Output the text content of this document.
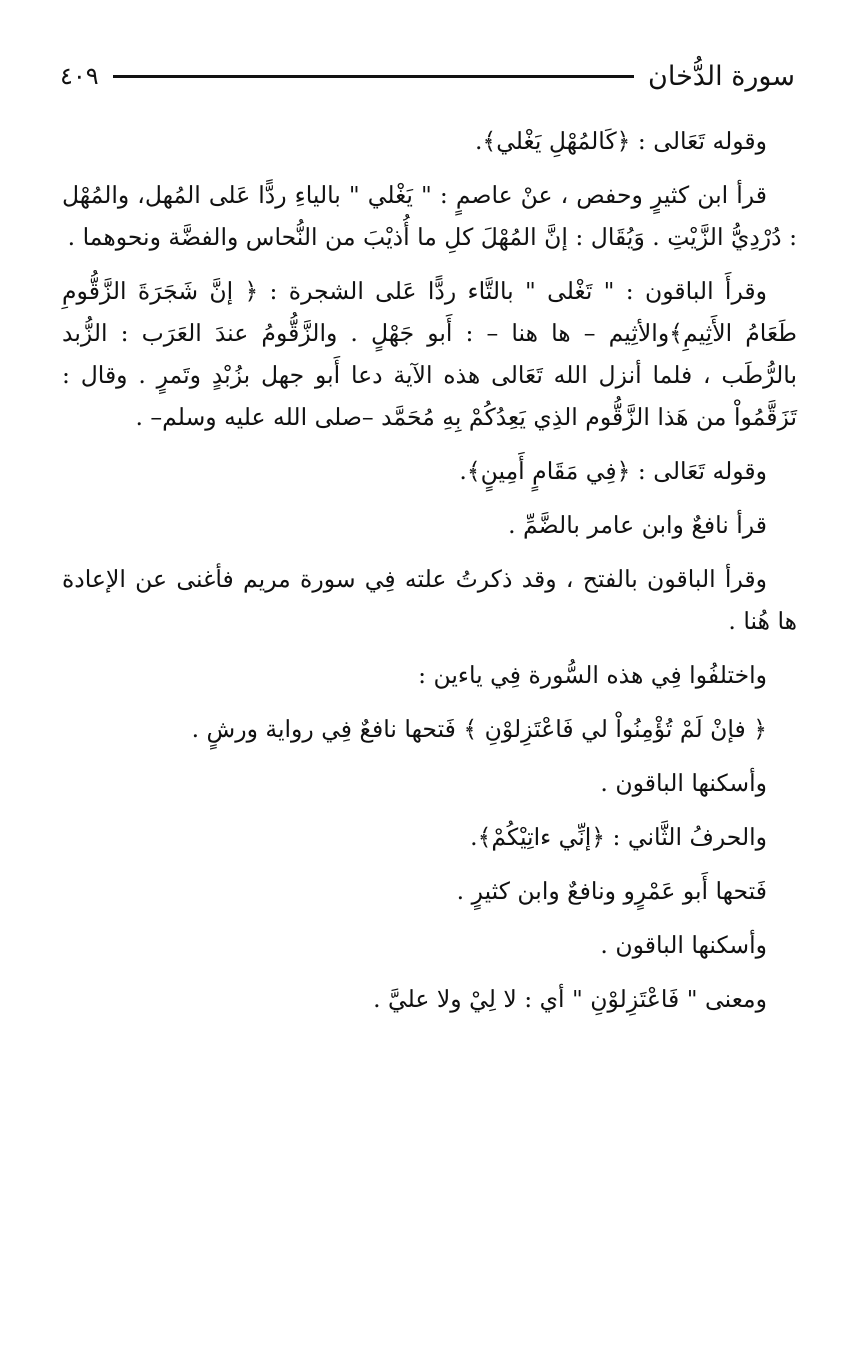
سورة الدُّخان
٤٠٩

وقوله تَعَالى : ﴿كَالمُهْلِ يَغْلي﴾.

قرأ ابن كثيرٍ وحفص ، عنْ عاصمٍ : " يَغْلي " بالياءِ ردًّا عَلى المُهل، والمُهْل : دُرْدِيُّ الزَّيْتِ . وَيُقَال : إنَّ المُهْلَ كلِ ما أُذيْبَ من النُّحاس والفضَّة ونحوهما .

وقرأَ الباقون : " تَغْلى " بالتَّاء ردًّا عَلى الشجرة : ﴿ إنَّ شَجَرَةَ الزَّقُّومِ طَعَامُ الأَثِيمِ﴾والأثِيم – ها هنا – : أَبو جَهْلٍ . والزَّقُّومُ عندَ العَرَب : الزُّبد بالرُّطَب ، فلما أنزل الله تَعَالى هذه الآية دعا أَبو جهل بزُبْدٍ وتَمرٍ . وقال : تَزَقَّمُواْ من هَذا الزَّقُّوم الذِي يَعِدُكُمْ بِهِ مُحَمَّد –صلى الله عليه وسلم– .

وقوله تَعَالى : ﴿فِي مَقَامٍ أَمِينٍ﴾.

قرأ نافعٌ وابن عامر بالضَّمِّ .

وقرأ الباقون بالفتح ، وقد ذكرتُ علته فِي سورة مريم فأغنى عن الإعادة ها هُنا .

واختلفُوا فِي هذه السُّورة فِي ياءين :

﴿ فإنْ لَمْ تُؤْمِنُواْ لي فَاعْتَزِلوْنِ ﴾ فَتحها نافعٌ فِي رواية ورشٍ .

وأسكنها الباقون .

والحرفُ الثَّاني : ﴿إنِّي ءاتِيْكُمْ﴾.

فَتحها أَبو عَمْرٍو ونافعٌ وابن كثيرٍ .

وأسكنها الباقون .

ومعنى " فَاعْتَزِلوْنِ " أي : لا لِيْ ولا عليَّ .
